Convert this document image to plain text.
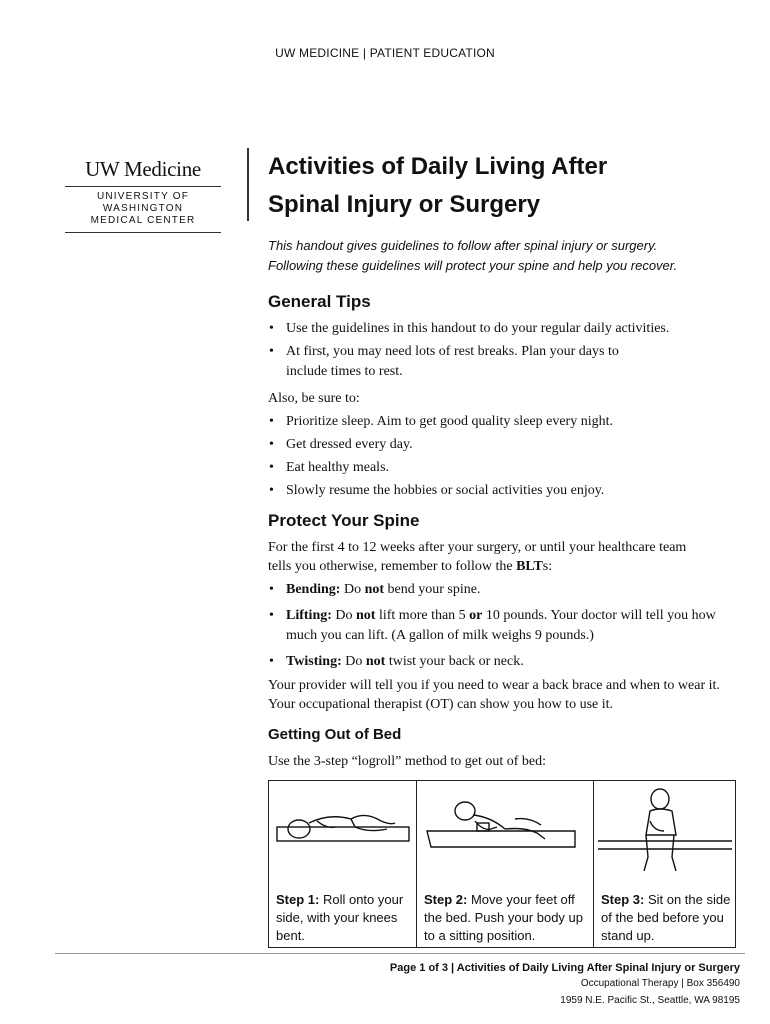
UW MEDICINE | PATIENT EDUCATION
UW Medicine
UNIVERSITY OF WASHINGTON
MEDICAL CENTER
Activities of Daily Living After
Spinal Injury or Surgery
This handout gives guidelines to follow after spinal injury or surgery.
Following these guidelines will protect your spine and help you recover.
General Tips
• Use the guidelines in this handout to do your regular daily activities.
• At first, you may need lots of rest breaks. Plan your days to include times to rest.
Also, be sure to:
• Prioritize sleep. Aim to get good quality sleep every night.
• Get dressed every day.
• Eat healthy meals.
• Slowly resume the hobbies or social activities you enjoy.
Protect Your Spine
For the first 4 to 12 weeks after your surgery, or until your healthcare team tells you otherwise, remember to follow the BLTs:
• Bending: Do not bend your spine.
• Lifting: Do not lift more than 5 or 10 pounds. Your doctor will tell you how much you can lift. (A gallon of milk weighs 9 pounds.)
• Twisting: Do not twist your back or neck.
Your provider will tell you if you need to wear a back brace and when to wear it. Your occupational therapist (OT) can show you how to use it.
Getting Out of Bed
Use the 3-step “logroll” method to get out of bed:
Step 1: Roll onto your side, with your knees bent.
Step 2: Move your feet off the bed. Push your body up to a sitting position.
Step 3: Sit on the side of the bed before you stand up.
Page 1 of 3 | Activities of Daily Living After Spinal Injury or Surgery
Occupational Therapy | Box 356490
1959 N.E. Pacific St., Seattle, WA 98195
